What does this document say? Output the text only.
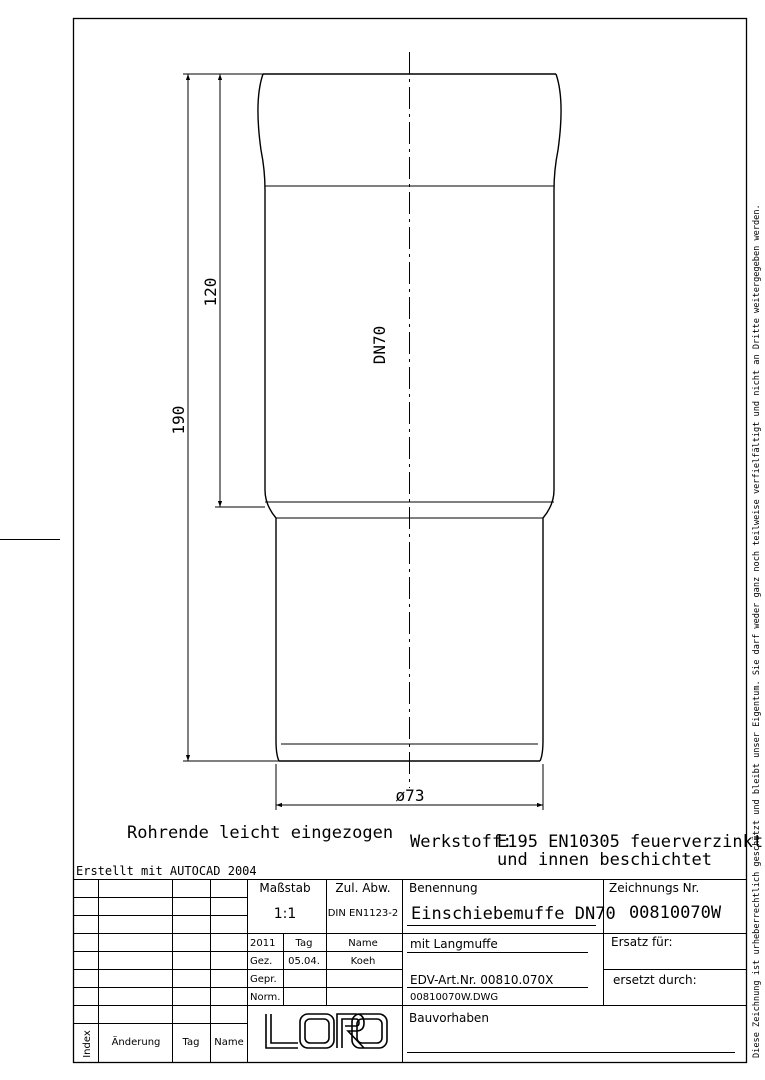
190
120
DN70
ø73
Rohrende leicht eingezogen Werkstoff:
E195 EN10305 feuerverzinkt
und innen beschichtet
Erstellt mit AUTOCAD 2004	Diese Zeichnung ist urheberrechtlich geschützt und bleibt unser Eigentum. Sie darf weder ganz noch teilweise verfielfältigt und nicht an Dritte weitergegeben werden.
Index Änderung Tag Name
Maßstab
1:1
Zul. Abw.
DIN EN1123-2
2011 Tag	Name
Gez. 05.04.	Koeh
Gepr.
Norm.
Benennung
Einschiebemuffe DN70
mit Langmuffe
EDV-Art.Nr. 00810.070X
00810070W.DWG
Zeichnungs Nr.
00810070W
Ersatz für:
ersetzt durch:
Bauvorhaben
